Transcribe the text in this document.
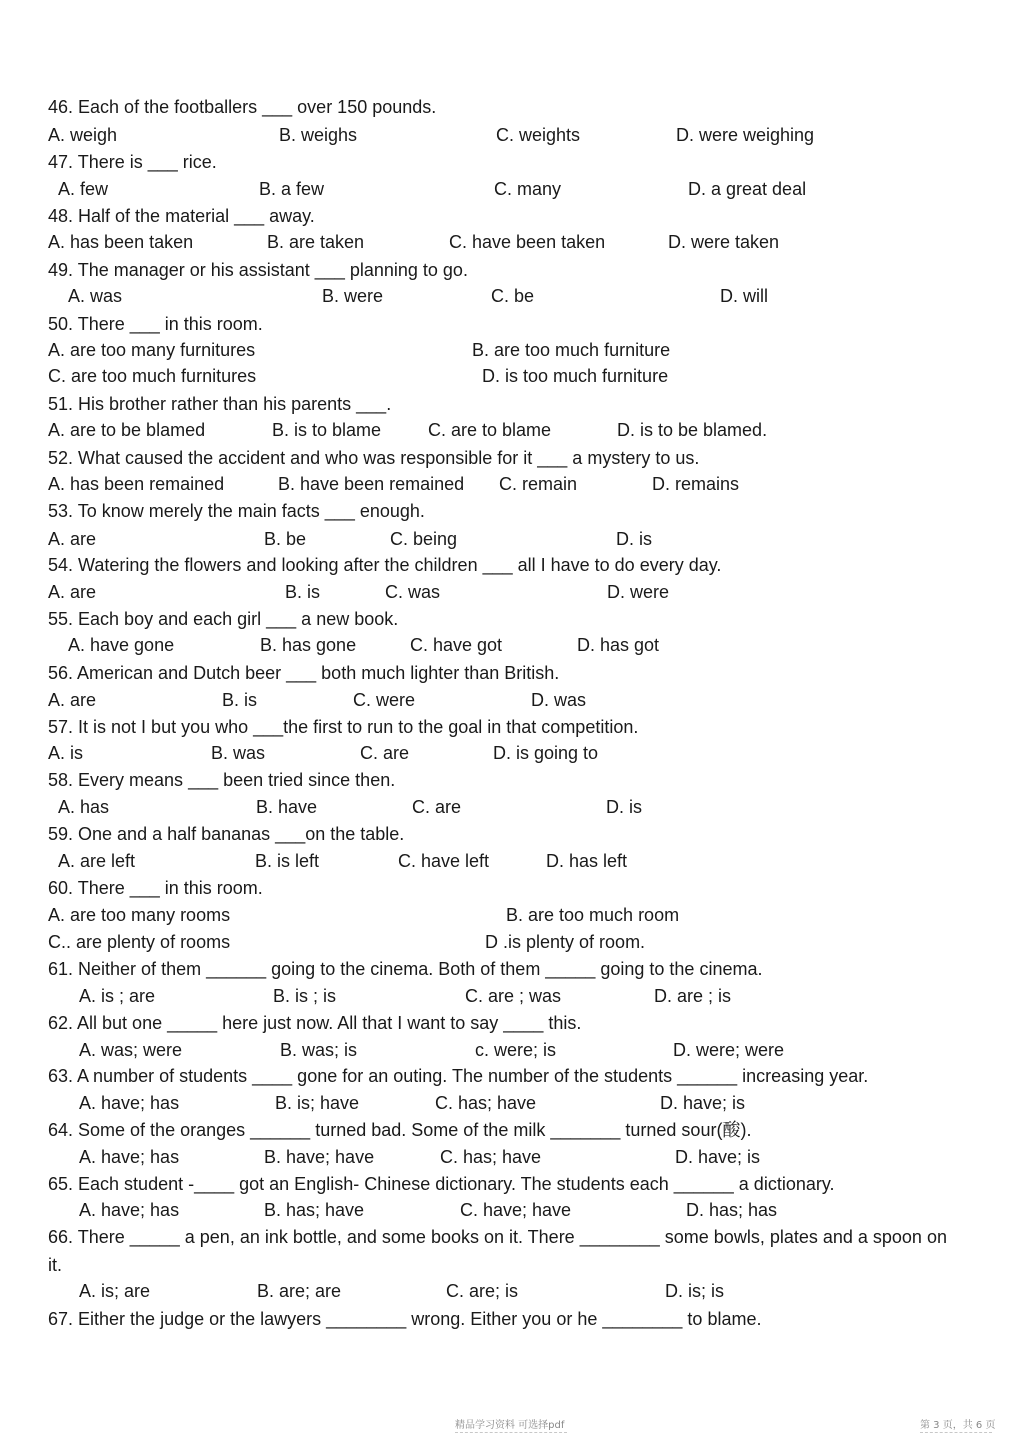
46. Each of the footballers ___ over 150 pounds.
A. weigh	B. weighs	C. weights	D. were weighing
47. There is ___ rice.
A. few	B. a few	C. many	D. a great deal
48. Half of the material ___ away.
A. has been taken	B. are taken	C. have been taken	D. were taken
49. The manager or his assistant ___ planning to go.
A. was	B. were	C. be	D. will
50. There ___ in this room.
A. are too many furnitures	B. are too much furniture
C. are too much furnitures	D. is too much furniture
51. His brother rather than his parents ___.
A. are to be blamed	B. is to blame	C. are to blame	D. is to be blamed.
52. What caused the accident and who was responsible for it ___ a mystery to us.
A. has been remained	B. have been remained C. remain	D. remains
53. To know merely the main facts ___ enough.
A. are	B. be	C. being	D. is
54. Watering the flowers and looking after the children ___ all I have to do every day.
A. are	B. is	C. was	D. were
55. Each boy and each girl ___ a new book.
A. have gone	B. has gone	C. have got	D. has got
56. American and Dutch beer ___ both much lighter than British.
A. are	B. is	C. were	D. was
57. It is not I but you who ___the first to run to the goal in that competition.
A. is	B. was	C. are	D. is going to
58. Every means ___ been tried since then.
A. has	B. have	C. are	D. is
59. One and a half bananas ___on the table.
A. are left	B. is left	C. have left	D. has left
60. There ___ in this room.
A. are too many rooms	B. are too much room
C.. are plenty of rooms	D .is plenty of room.
61. Neither of them ______ going to the cinema. Both of them _____ going to the cinema.
A. is ; are	B. is ; is	C. are ; was	D. are ; is
62. All but one _____ here just now. All that I want to say ____ this.
A. was; were	B. was; is	c. were; is	D. were; were
63. A number of students ____ gone for an outing. The number of the students ______ increasing year.
A. have; has	B. is; have	C. has; have	D. have; is
64. Some of the oranges ______ turned bad. Some of the milk _______ turned sour(酸).
A. have; has	B. have; have	C. has; have	D. have; is
65. Each student -____ got an English- Chinese dictionary. The students each ______ a dictionary.
A. have; has	B. has; have	C. have; have	D. has; has
66. There _____ a pen, an ink bottle, and some books on it. There ________ some bowls, plates and a spoon on
it.
A. is; are	B. are; are	C. are; is	D. is; is
67. Either the judge or the lawyers ________ wrong. Either you or he ________ to blame.
精品学习资料 可选择pdf	第 3 页，共 6 页
